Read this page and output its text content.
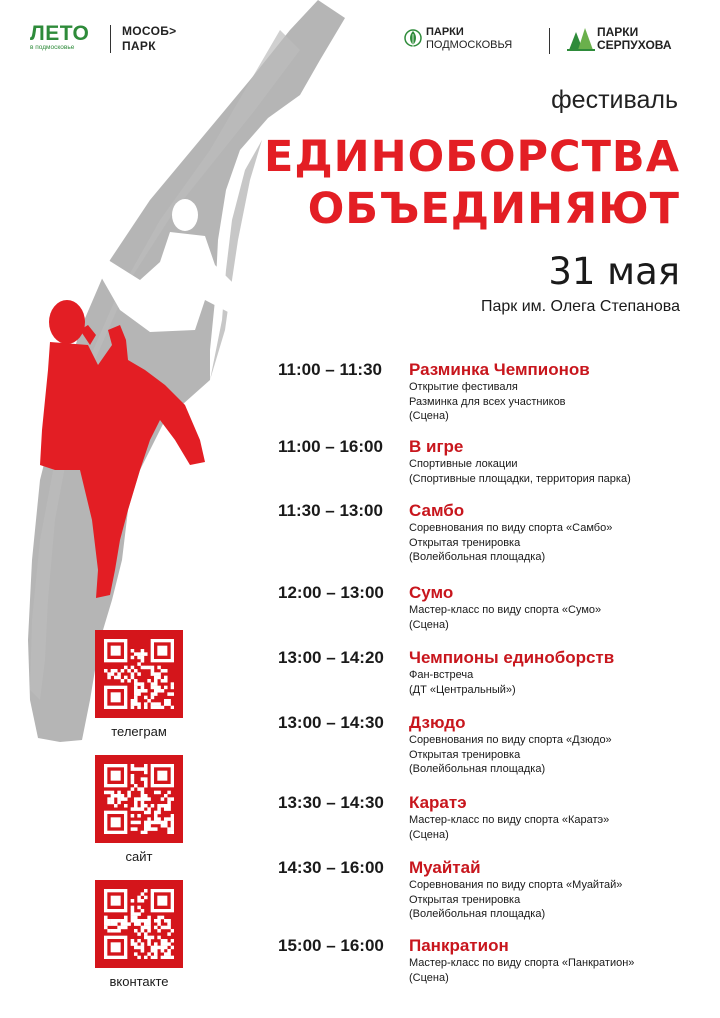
ЛЕТО
в подмосковье
МОСОБ>
ПАРК
ПАРКИ
ПОДМОСКОВЬЯ
ПАРКИ
СЕРПУХОВА
фестиваль
ЕДИНОБОРСТВА
ОБЪЕДИНЯЮТ
31 мая
Парк им. Олега Степанова
11:00 – 11:30	Разминка Чемпионов
Открытие фестиваля
Разминка для всех участников
(Сцена)
11:00 – 16:00	В игре
Спортивные локации
(Спортивные площадки, территория парка)
11:30 – 13:00	Самбо
Соревнования по виду спорта «Самбо»
Открытая тренировка
(Волейбольная площадка)
12:00 – 13:00	Сумо
Мастер-класс по виду спорта «Сумо»
(Сцена)
13:00 – 14:20	Чемпионы единоборств
Фан-встреча
(ДТ «Центральный»)
13:00 – 14:30	Дзюдо
Соревнования по виду спорта «Дзюдо»
Открытая тренировка
(Волейбольная площадка)
13:30 – 14:30	Каратэ
Мастер-класс по виду спорта «Каратэ»
(Сцена)
14:30 – 16:00	Муайтай
Соревнования по виду спорта «Муайтай»
Открытая тренировка
(Волейбольная площадка)
15:00 – 16:00	Панкратион
Мастер-класс по виду спорта «Панкратион»
(Сцена)
телеграм
сайт
вконтакте
